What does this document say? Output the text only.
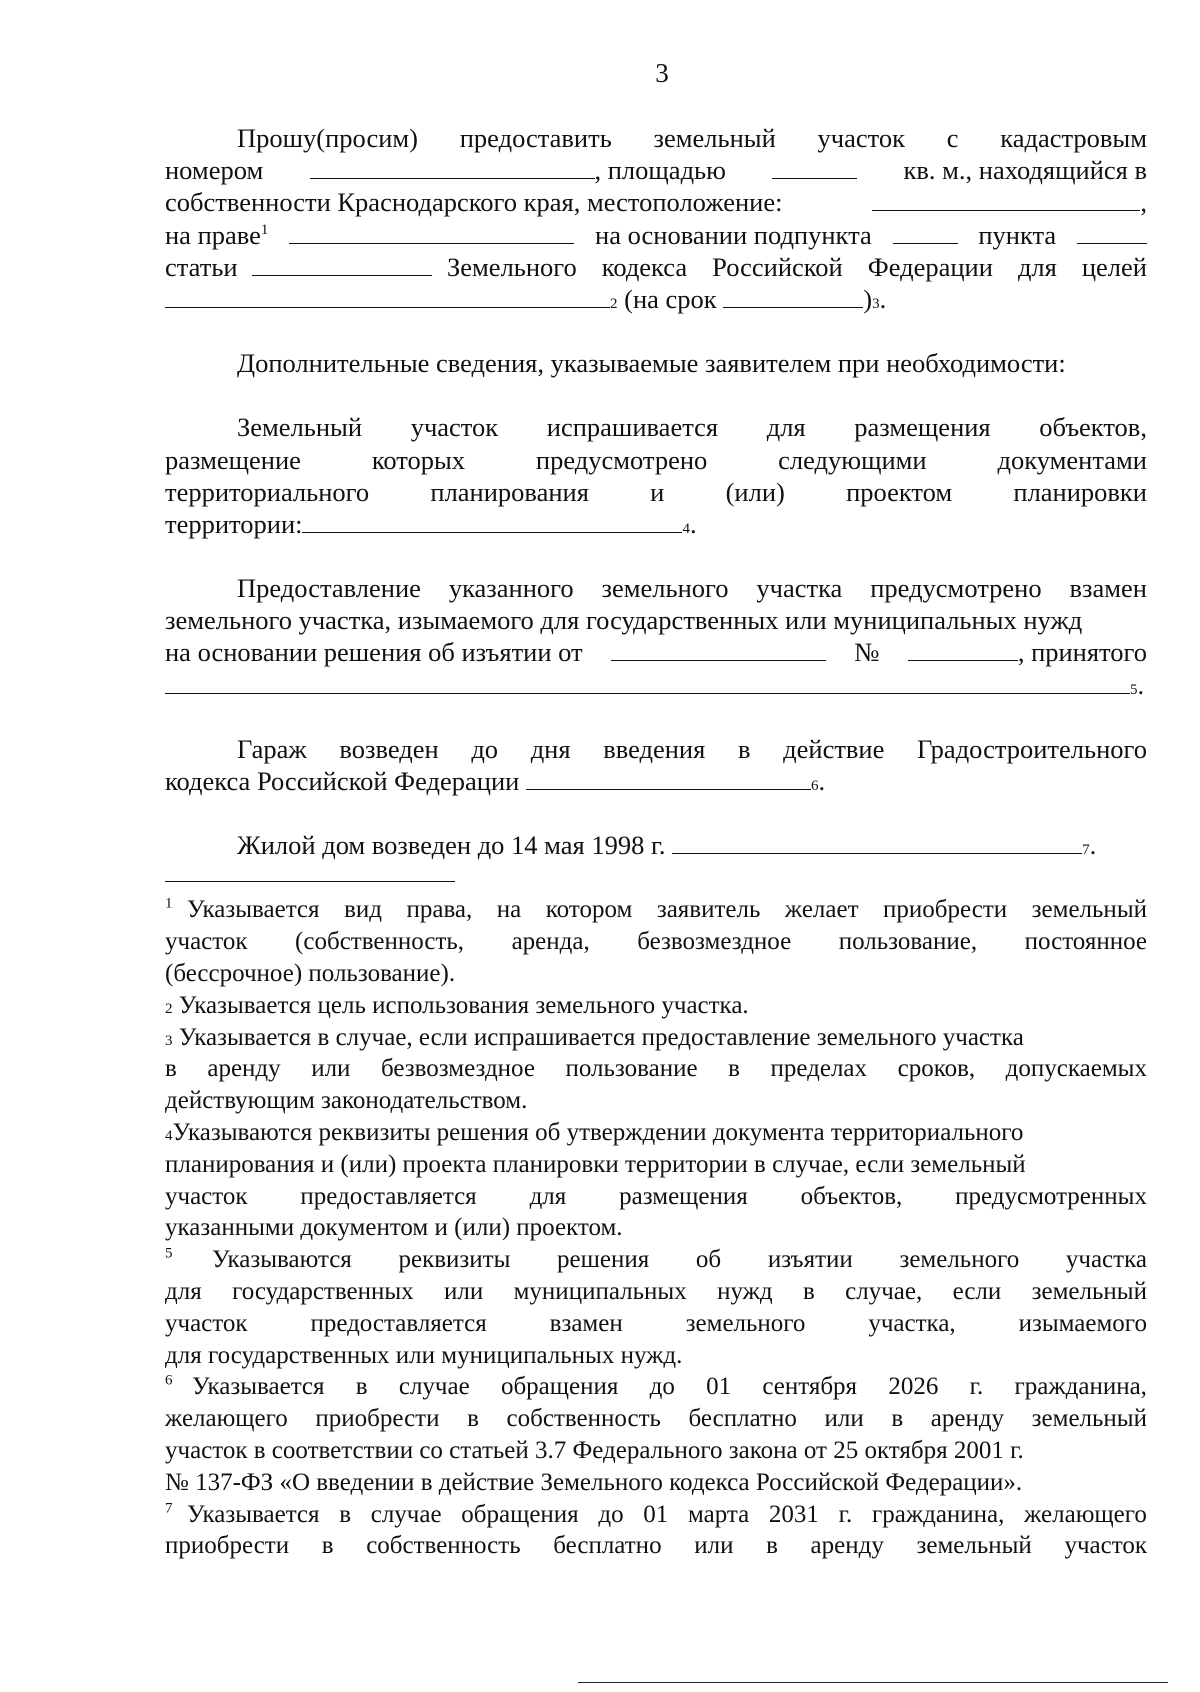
3
Прошу(просим) предоставить земельный участок с кадастровым
номером	, площадью	кв. м., находящийся в
собственности Краснодарского края, местоположение:	,
на праве$^1$	на основании подпункта	пункта
статьи	Земельного кодекса Российской Федерации для целей
2
(на срок
	) 3 .
Дополнительные сведения, указываемые заявителем при необходимости:
Земельный участок испрашивается для размещения объектов,
размещение	которых	предусмотрено	следующими	документами
территориального планирования и (или) проектом планировки
территории:	4 .
Предоставление указанного земельного участка предусмотрено взамен
земельного участка, изымаемого для государственных или муниципальных нужд
на основании решения об изъятии от	№	, принятого
5 .
Гараж возведен до дня введения в действие Градостроительного
кодекса Российской Федерации
	6 .
Жилой дом возведен до 14 мая 1998 г.
	7 .
$^1$ Указывается вид права, на котором заявитель желает приобрести земельный
участок (собственность, аренда, безвозмездное пользование, постоянное
(бессрочное) пользование).
2
Указывается цель использования земельного участка.
3
Указывается в случае, если испрашивается предоставление земельного участка
в аренду или безвозмездное пользование в пределах сроков, допускаемых
действующим законодательством.
4 Указываются реквизиты решения об утверждении документа территориального
планирования и (или) проекта планировки территории в случае, если земельный
участок предоставляется для размещения объектов, предусмотренных
указанными документом и (или) проектом.
$^5$ Указываются реквизиты решения об изъятии земельного участка
для государственных или муниципальных нужд в случае, если земельный
участок	предоставляется	взамен	земельного	участка,	изымаемого
для государственных или муниципальных нужд.
$^6$ Указывается в случае обращения до 01 сентября 2026 г. гражданина,
желающего приобрести в собственность бесплатно или в аренду земельный
участок в соответствии со статьей 3.7 Федерального закона от 25 октября 2001 г.
№ 137-ФЗ «О введении в действие Земельного кодекса Российской Федерации».
$^7$ Указывается в случае обращения до 01 марта 2031 г. гражданина, желающего
приобрести в собственность бесплатно или в аренду земельный участок
